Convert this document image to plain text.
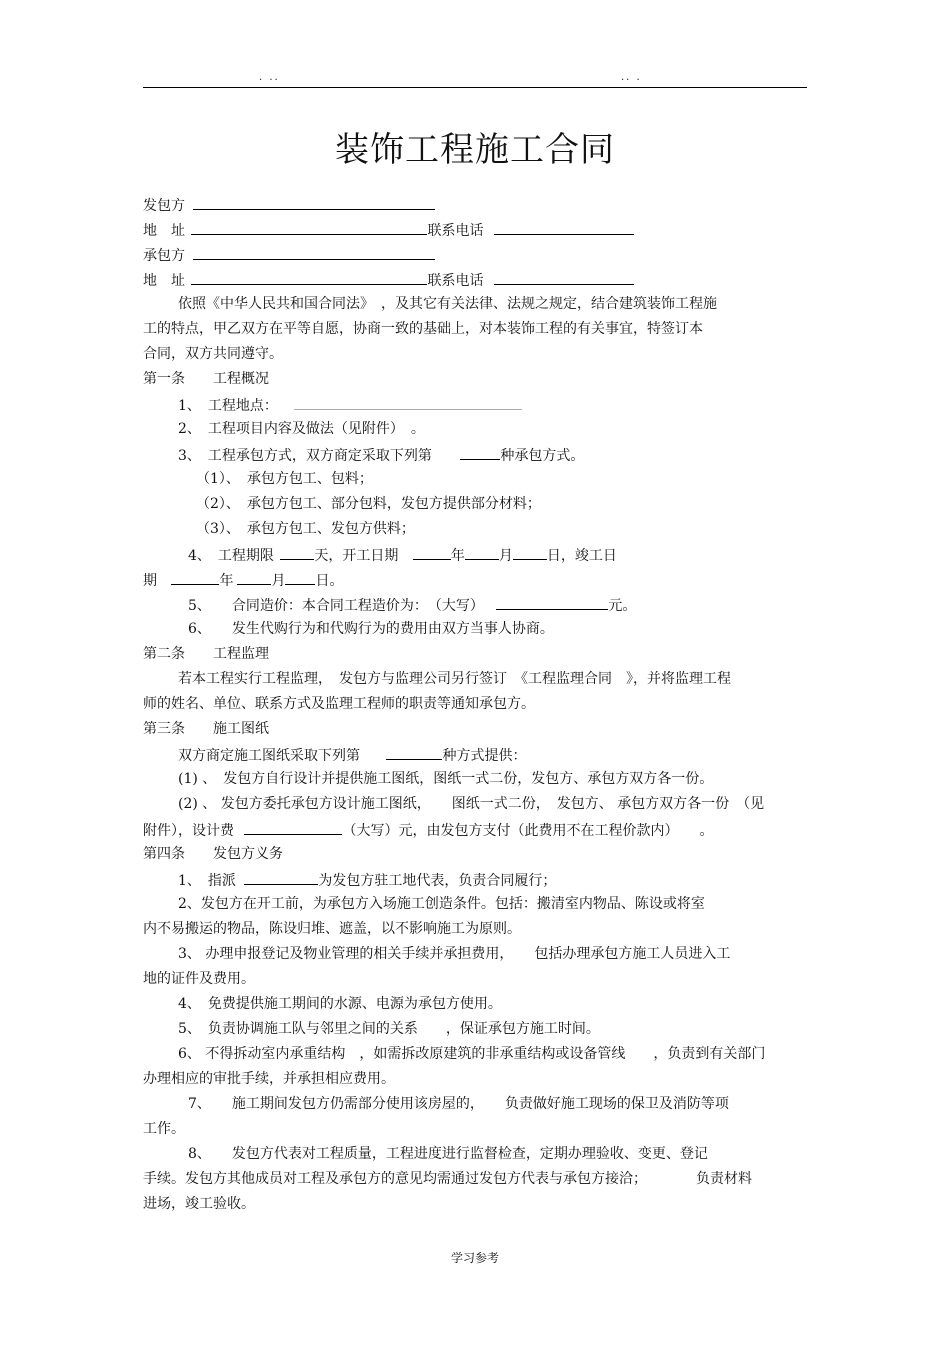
. ..	.. .
装饰工程施工合同
发包方
地　址	联系电话
承包方
地　址	联系电话
依照《中华人民共和国合同法》　，及其它有关法律、法规之规定，结合建筑装饰工程施
工的特点，甲乙双方在平等自愿，协商一致的基础上，对本装饰工程的有关事宜，特签订本
合同，双方共同遵守。
第一条　　工程概况
1、　工程地点：
2、　工程项目内容及做法（见附件）　。
3、　工程承包方式，双方商定采取下列第	种承包方式。
（1）、　承包方包工、包料；
（2）、　承包方包工、部分包料，发包方提供部分材料；
（3）、　承包方包工、发包方供料；
4、　工程期限	天，开工日期	年 月 日，竣工日
期	年	月 日。
5、　　合同造价：本合同工程造价为：　（大写）	元。
6、　　发生代购行为和代购行为的费用由双方当事人协商。
第二条　　工程监理
若本工程实行工程监理，　发包方与监理公司另行签订　《工程监理合同　》，并将监理工程
师的姓名、单位、联系方式及监理工程师的职责等通知承包方。
第三条　　施工图纸
双方商定施工图纸采取下列第	种方式提供：
(1) 、　发包方自行设计并提供施工图纸，图纸一式二份，发包方、承包方双方各一份。
(2) 、 发包方委托承包方设计施工图纸，　　图纸一式二份，　发包方、 承包方双方各一份　（见
附件），设计费	（大写）元，由发包方支付（此费用不在工程价款内）　　。
第四条　　发包方义务
1、　指派	为发包方驻工地代表，负责合同履行；
2、发包方在开工前，为承包方入场施工创造条件。包括：搬清室内物品、陈设或将室
内不易搬运的物品，陈设归堆、遮盖，以不影响施工为原则。
3、 办理申报登记及物业管理的相关手续并承担费用，　　包括办理承包方施工人员进入工
地的证件及费用。
4、　免费提供施工期间的水源、电源为承包方使用。
5、　负责协调施工队与邻里之间的关系　　，保证承包方施工时间。
6、 不得拆动室内承重结构　，如需拆改原建筑的非承重结构或设备管线　　，负责到有关部门
办理相应的审批手续，并承担相应费用。
7、　　施工期间发包方仍需部分使用该房屋的，　　负责做好施工现场的保卫及消防等项
工作。
8、　　发包方代表对工程质量，工程进度进行监督检查，定期办理验收、变更、登记
手续。发包方其他成员对工程及承包方的意见均需通过发包方代表与承包方接洽；　　　　负责材料
进场，竣工验收。
学习参考
